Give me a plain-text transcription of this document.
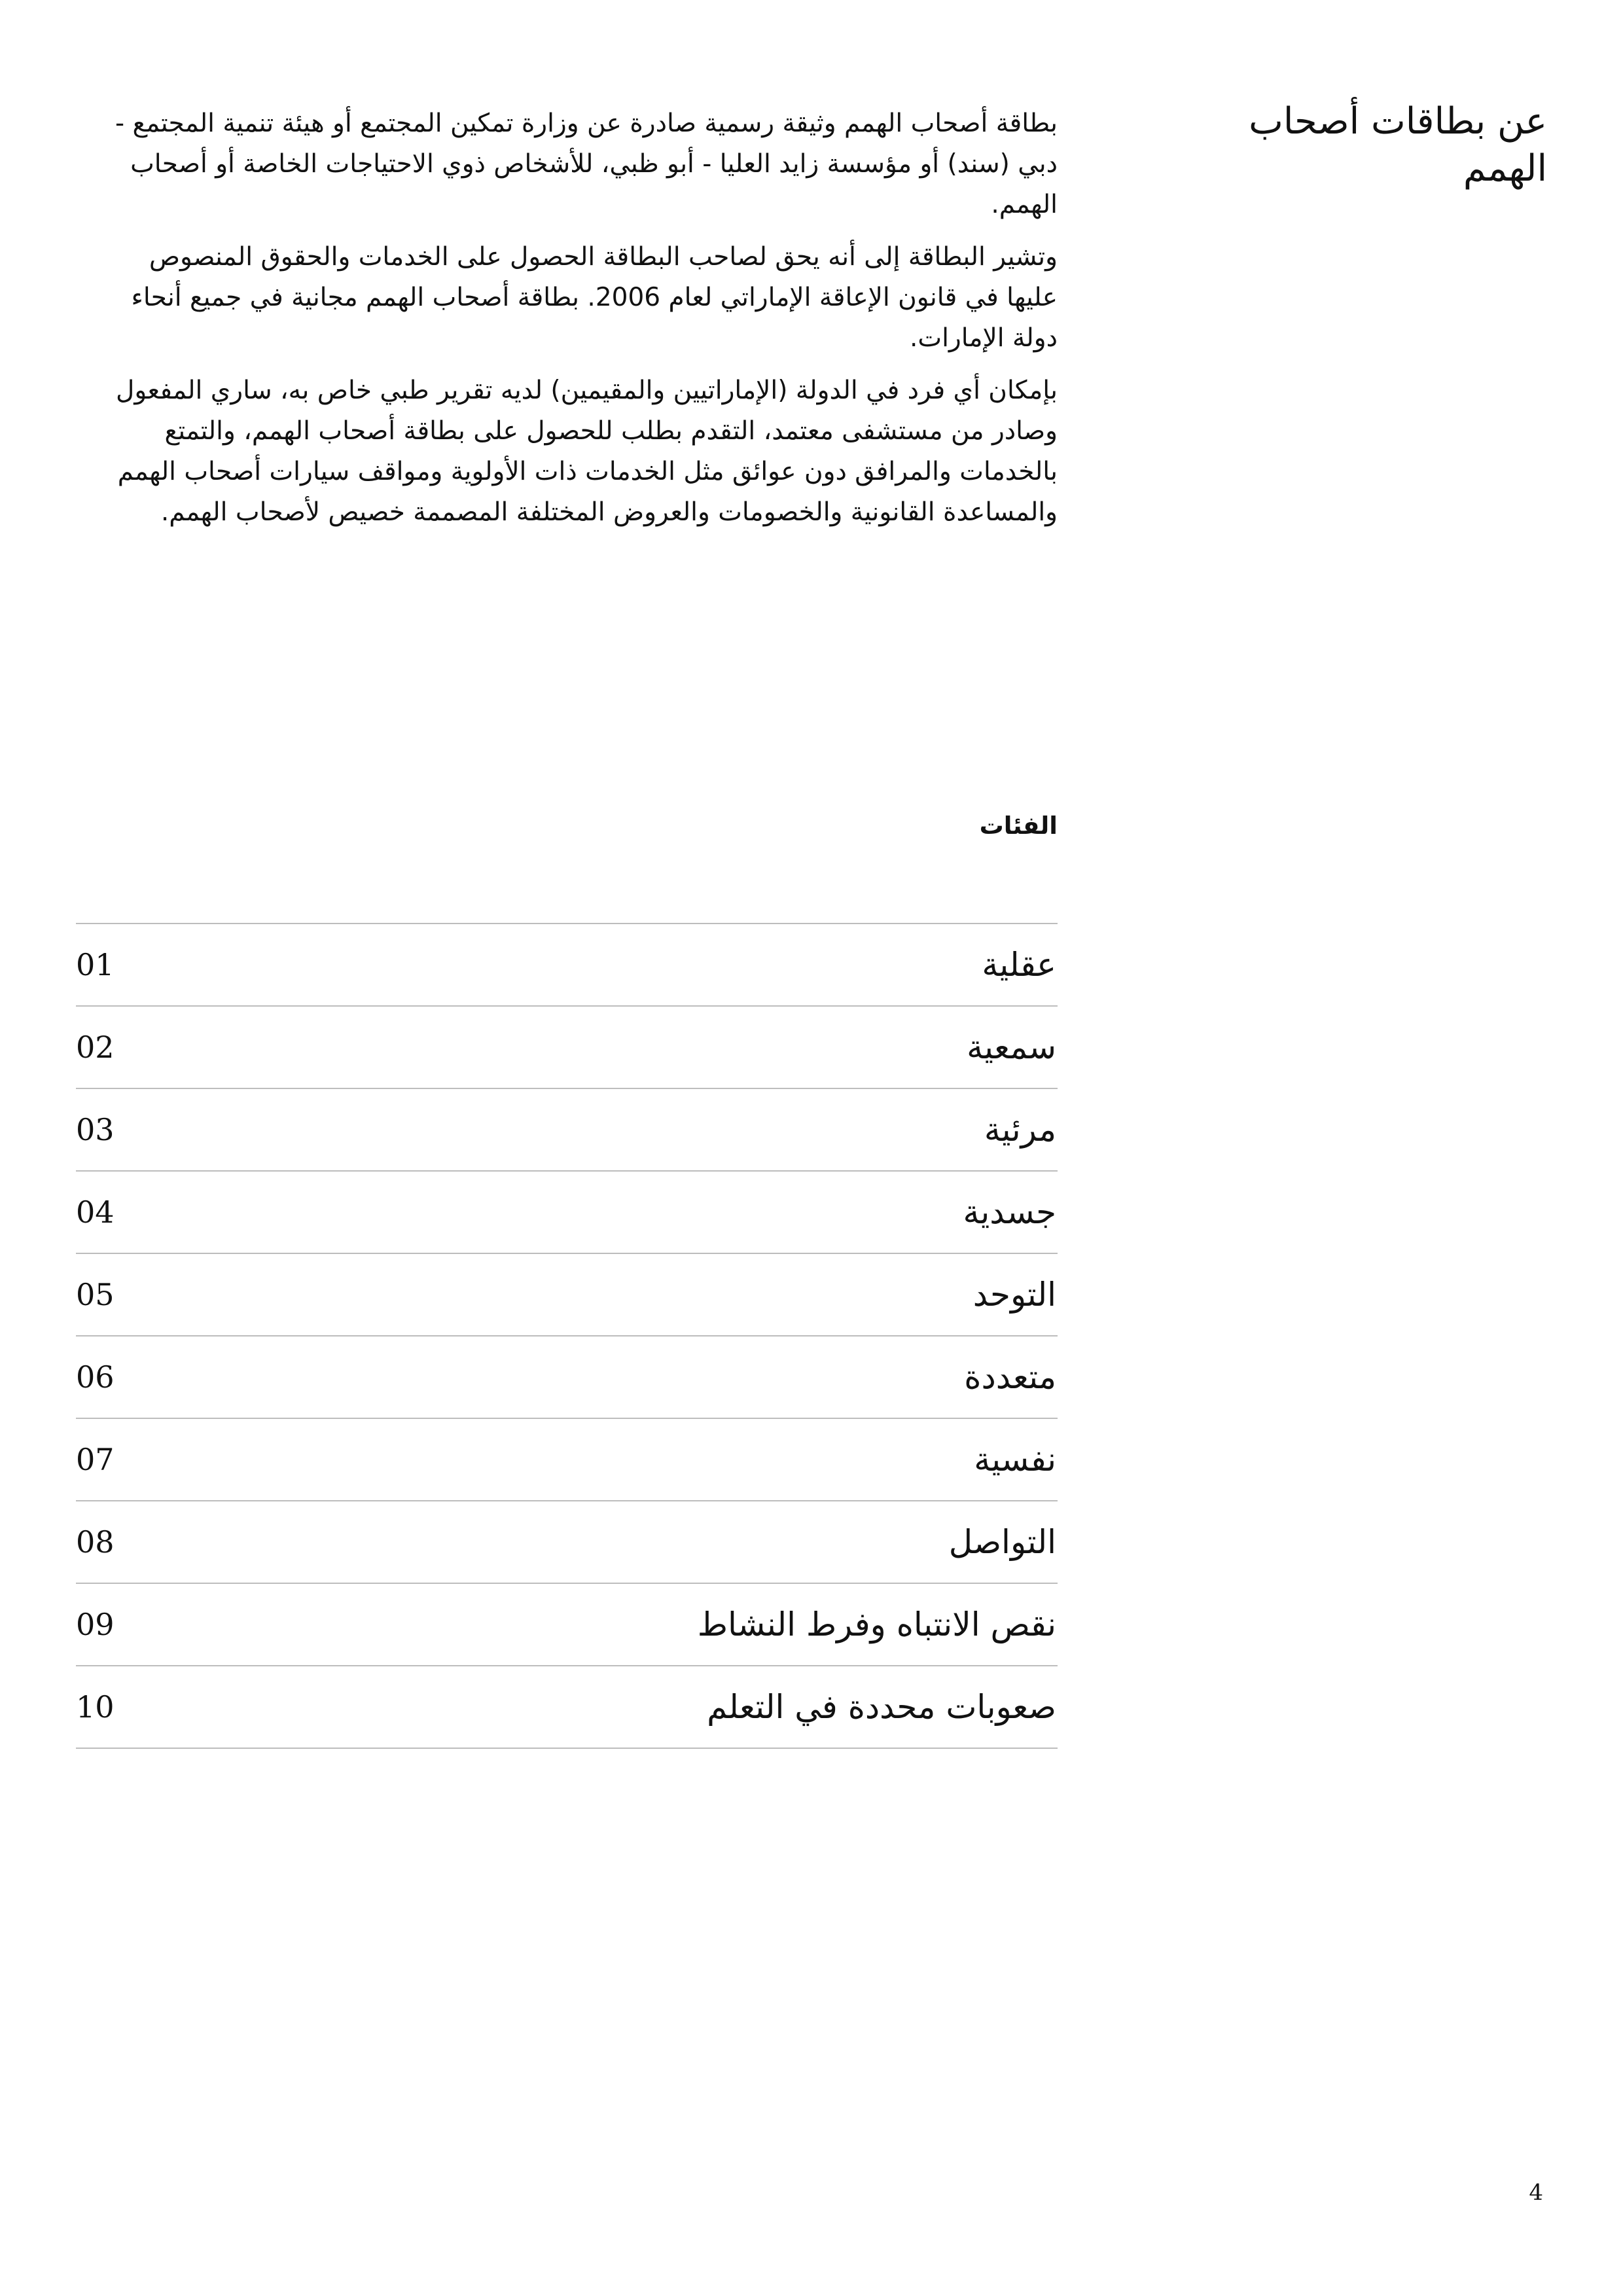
عن بطاقات أصحاب الهمم

بطاقة أصحاب الهمم وثيقة رسمية صادرة عن وزارة تمكين المجتمع أو هيئة تنمية المجتمع - دبي (سند) أو مؤسسة زايد العليا - أبو ظبي، للأشخاص ذوي الاحتياجات الخاصة أو أصحاب الهمم.

وتشير البطاقة إلى أنه يحق لصاحب البطاقة الحصول على الخدمات والحقوق المنصوص عليها في قانون الإعاقة الإماراتي لعام 2006. بطاقة أصحاب الهمم مجانية في جميع أنحاء دولة الإمارات.

بإمكان أي فرد في الدولة (الإماراتيين والمقيمين) لديه تقرير طبي خاص به، ساري المفعول وصادر من مستشفى معتمد، التقدم بطلب للحصول على بطاقة أصحاب الهمم، والتمتع بالخدمات والمرافق دون عوائق مثل الخدمات ذات الأولوية ومواقف سيارات أصحاب الهمم والمساعدة القانونية والخصومات والعروض المختلفة المصممة خصيص لأصحاب الهمم.

الفئات
عقلية
01
سمعية
02
مرئية
03
جسدية
04
التوحد
05
متعددة
06
نفسية
07
التواصل
08
نقص الانتباه وفرط النشاط
09
صعوبات محددة في التعلم
10
4
